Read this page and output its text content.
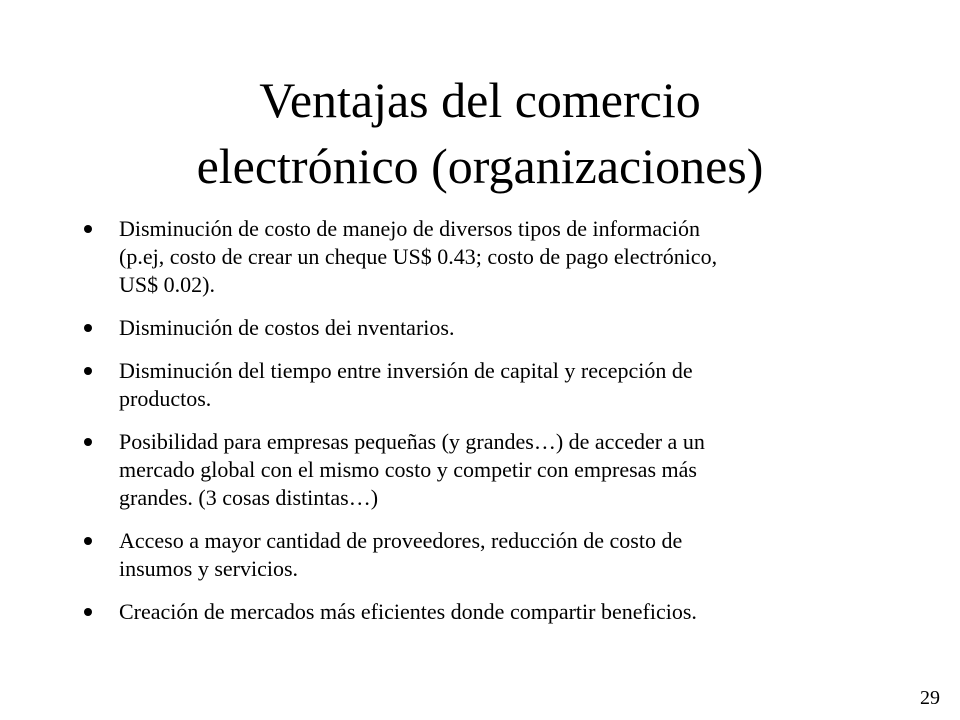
Ventajas del comercio
electrónico (organizaciones)
Disminución de costo de manejo de diversos tipos de información
(p.ej, costo de crear un cheque US$ 0.43; costo de pago electrónico,
US$ 0.02).
Disminución de costos dei nventarios.
Disminución del tiempo entre inversión de capital y recepción de
productos.
Posibilidad para empresas pequeñas (y grandes…) de acceder a un
mercado global con el mismo costo y competir con empresas más
grandes. (3 cosas distintas…)
Acceso a mayor cantidad de proveedores, reducción de costo de
insumos y servicios.
Creación de mercados más eficientes donde compartir beneficios.
29
